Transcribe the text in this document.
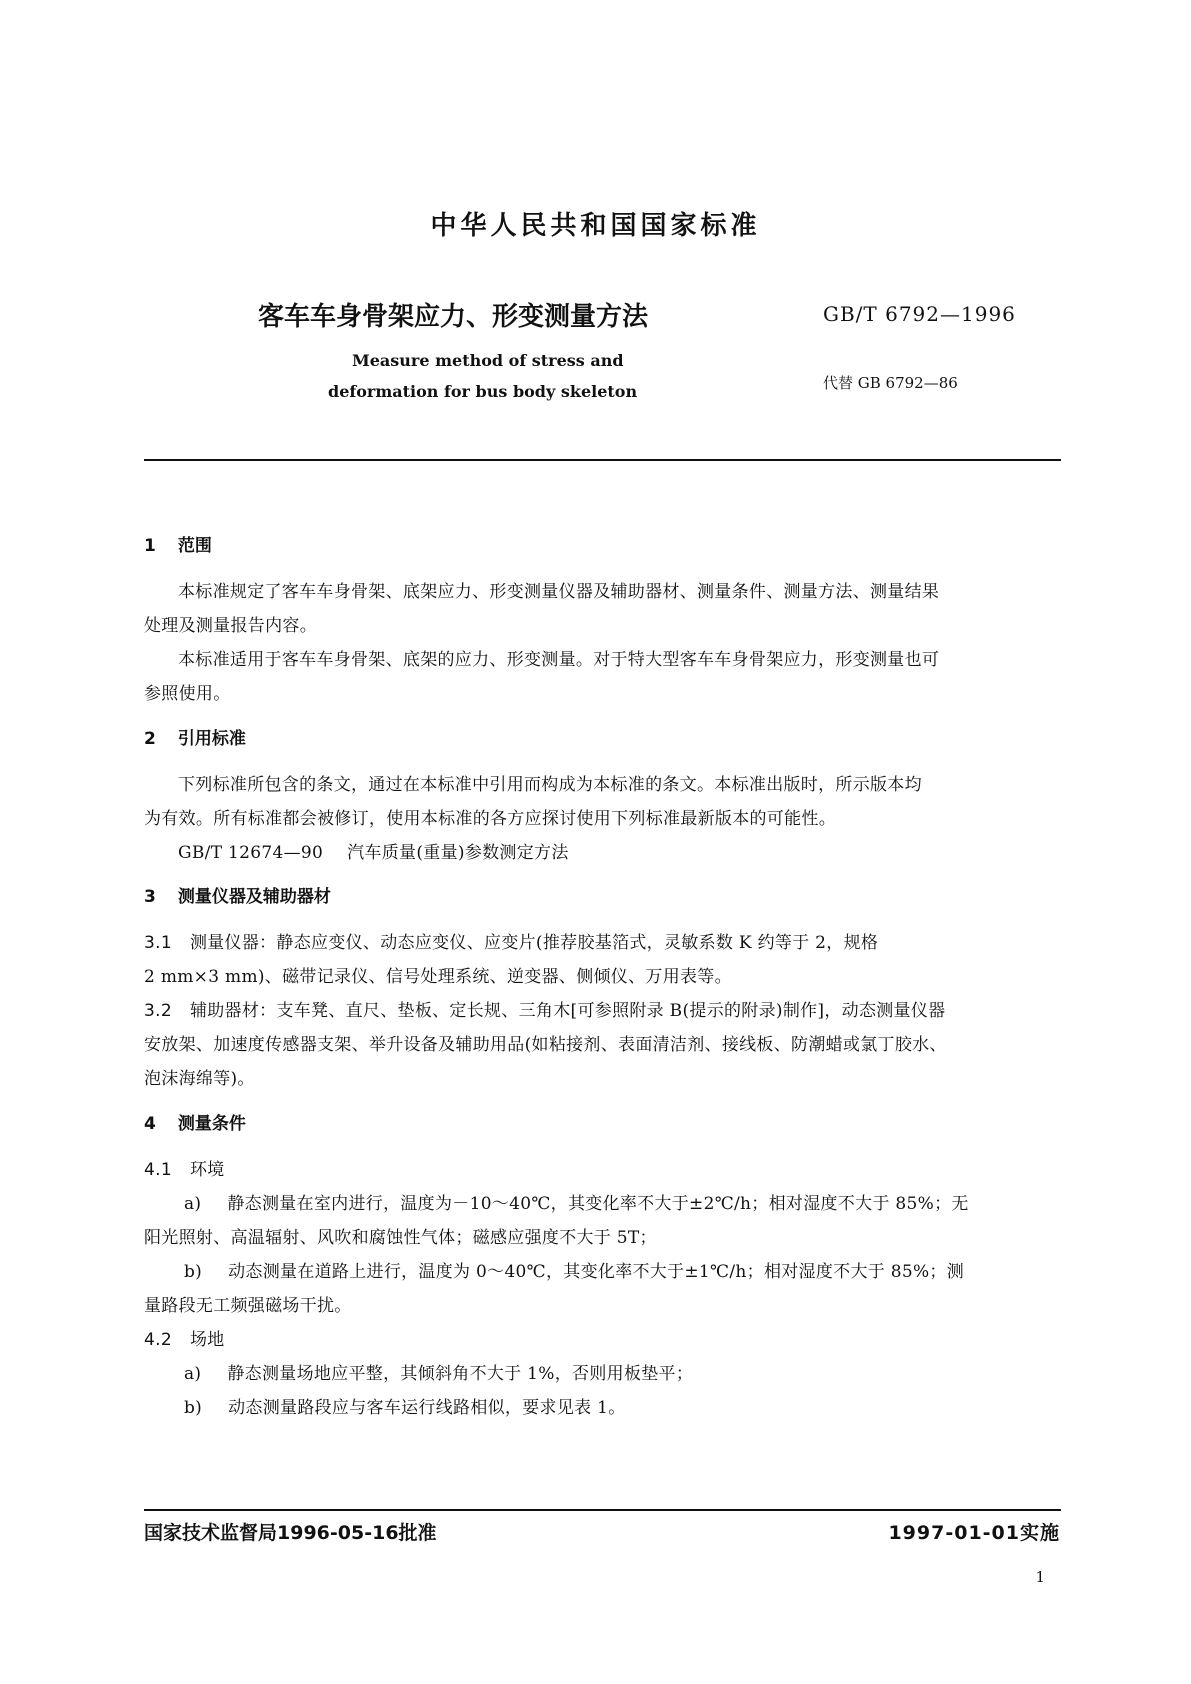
中华人民共和国国家标准
客车车身骨架应力、形变测量方法	GB/T 6792—1996
Measure method of stress and
deformation for bus body skeleton	代替 GB 6792—86
1 范围
本标准规定了客车车身骨架、底架应力、形变测量仪器及辅助器材、测量条件、测量方法、测量结果
处理及测量报告内容。
本标准适用于客车车身骨架、底架的应力、形变测量。对于特大型客车车身骨架应力，形变测量也可
参照使用。
2 引用标准
下列标准所包含的条文，通过在本标准中引用而构成为本标准的条文。本标准出版时，所示版本均
为有效。所有标准都会被修订，使用本标准的各方应探讨使用下列标准最新版本的可能性。
GB/T 12674—90 汽车质量(重量)参数测定方法
3 测量仪器及辅助器材
3.1 测量仪器：静态应变仪、动态应变仪、应变片(推荐胶基箔式，灵敏系数 K 约等于 2，规格
2 mm×3 mm)、磁带记录仪、信号处理系统、逆变器、侧倾仪、万用表等。
3.2 辅助器材：支车凳、直尺、垫板、定长规、三角木[可参照附录 B(提示的附录)制作]，动态测量仪器
安放架、加速度传感器支架、举升设备及辅助用品(如粘接剂、表面清洁剂、接线板、防潮蜡或氯丁胶水、
泡沫海绵等)。
4 测量条件
4.1 环境
a) 静态测量在室内进行，温度为－10～40℃，其变化率不大于±2℃/h；相对湿度不大于 85%；无
阳光照射、高温辐射、风吹和腐蚀性气体；磁感应强度不大于 5T；
b) 动态测量在道路上进行，温度为 0～40℃，其变化率不大于±1℃/h；相对湿度不大于 85%；测
量路段无工频强磁场干扰。
4.2 场地
a) 静态测量场地应平整，其倾斜角不大于 1%，否则用板垫平；
b) 动态测量路段应与客车运行线路相似，要求见表 1。
国家技术监督局1996-05-16批准	1997-01-01实施
1
